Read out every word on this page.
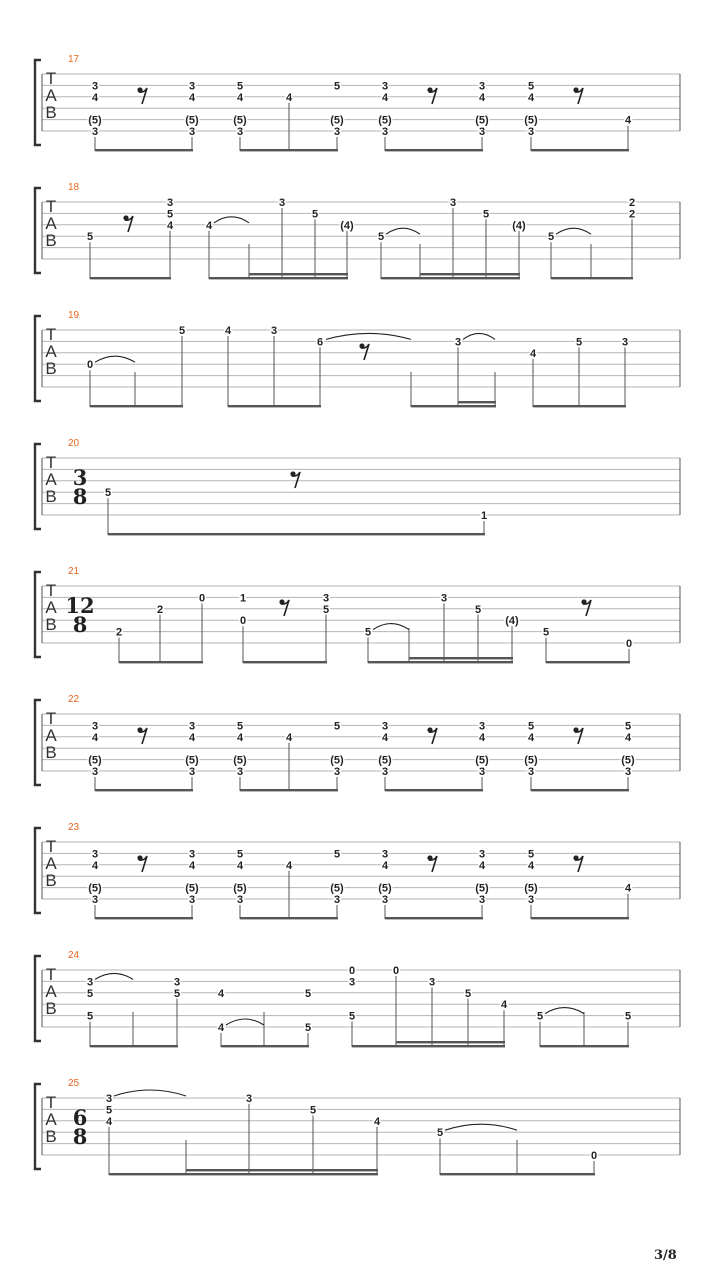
T
A
B
17
3
4
(5)
3
3
4
(5)
3
5
4
(5)
3
4
5
(5)
3
3
4
(5)
3
3
4
(5)
3
5
4
(5)
3
4
T
A
B
18
5
3
5
4	4
3
5
(4)
5
3
5
(4)
5
2
2
T
A
B
19
0
5	4	3
6	3
4
5	3
T
A
B
20
3
8 5
1
T
A
B
21
12
8	2
2
0	1
0
3
5
5
3
5
(4)
5
0
T
A
B
22
3
4
(5)
3
3
4
(5)
3
5
4
(5)
3
4
5
(5)
3
3
4
(5)
3
3
4
(5)
3
5
4
(5)
3
5
4
(5)
3
T
A
B
23
3
4
(5)
3
3
4
(5)
3
5
4
(5)
3
4
5
(5)
3
3
4
(5)
3
3
4
(5)
3
5
4
(5)
3
4
T
A
B
24
3
5
5
3
5	4
4
5
5
0
3
5
0
3
5
4
5	5
T
A
B
25
6
8
3
5
4
3
5
4
5
0
3/8
